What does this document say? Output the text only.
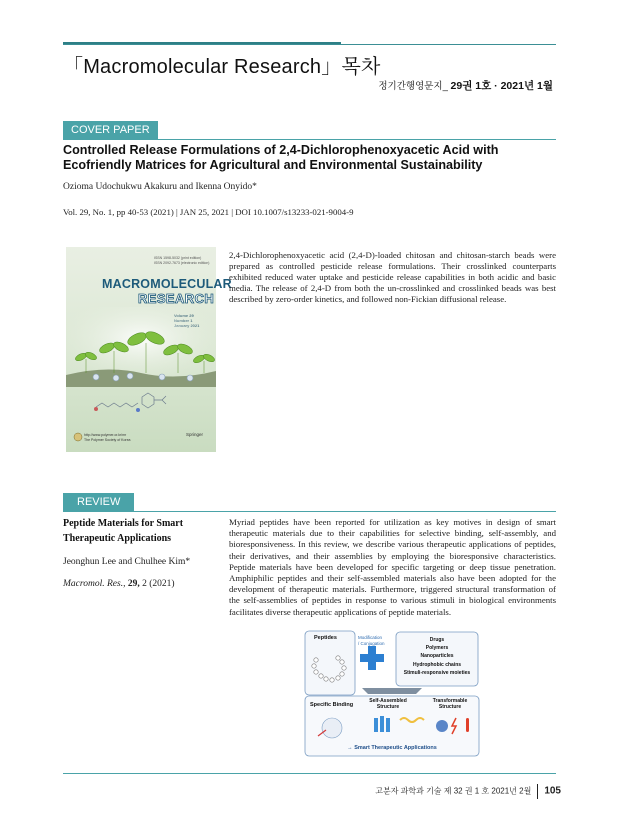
「Macromolecular Research」목차
정기간행영문지_ 29권 1호 · 2021년 1월
COVER PAPER
Controlled Release Formulations of 2,4-Dichlorophenoxyacetic Acid with Ecofriendly Matrices for Agricultural and Environmental Sustainability
Ozioma Udochukwu Akakuru and Ikenna Onyido*
Vol. 29, No. 1, pp 40-53 (2021) | JAN 25, 2021 | DOI 10.1007/s13233-021-9004-9
ISSN 1598-5032 (print edition)
ISSN 2092-7673 (electronic edition)
MACROMOLECULAR
RESEARCH
http://www.polymer.or.kr/mr
The Polymer Society of Korea
Springer
2,4-Dichlorophenoxyacetic acid (2,4-D)-loaded chitosan and chitosan-starch beads were prepared as controlled pesticide release formulations. Their crosslinked counterparts exhibited reduced water uptake and pesticide release capabilities in both acidic and basic media. The release of 2,4-D from both the un-crosslinked and crosslinked beads was best described by zero-order kinetics, and followed non-Fickian diffusional release.
REVIEW
Peptide Materials for Smart Therapeutic Applications
Jeonghun Lee and Chulhee Kim*
Macromol. Res., 29, 2 (2021)
Myriad peptides have been reported for utilization as key motives in design of smart therapeutic materials due to their capabilities for selective binding, self-assembly, and bioresponsiveness. In this review, we describe various therapeutic applications of peptides, their derivatives, and their assemblies by employing the bioresponsive characteristics. Peptide materials have been developed for specific targeting or deep tissue penetration. Amphiphilic peptides and their self-assembled materials also have been adopted for the development of therapeutic materials. Furthermore, triggered structural transformation of the self-assemblies of peptides in response to various stimuli in biological environments facilitates diverse therapeutic applications of peptide materials.
Peptides	Modification
/ Conjugation	Drugs
Polymers
Nanoparticles
Hydrophobic chains
Stimuli-responsive moieties
Specific Binding
Self-Assembled
Structure
Transformable
Structure
→ Smart Therapeutic Applications
고분자 과학과 기술 제 32 권 1 호 2021년 2월 105
